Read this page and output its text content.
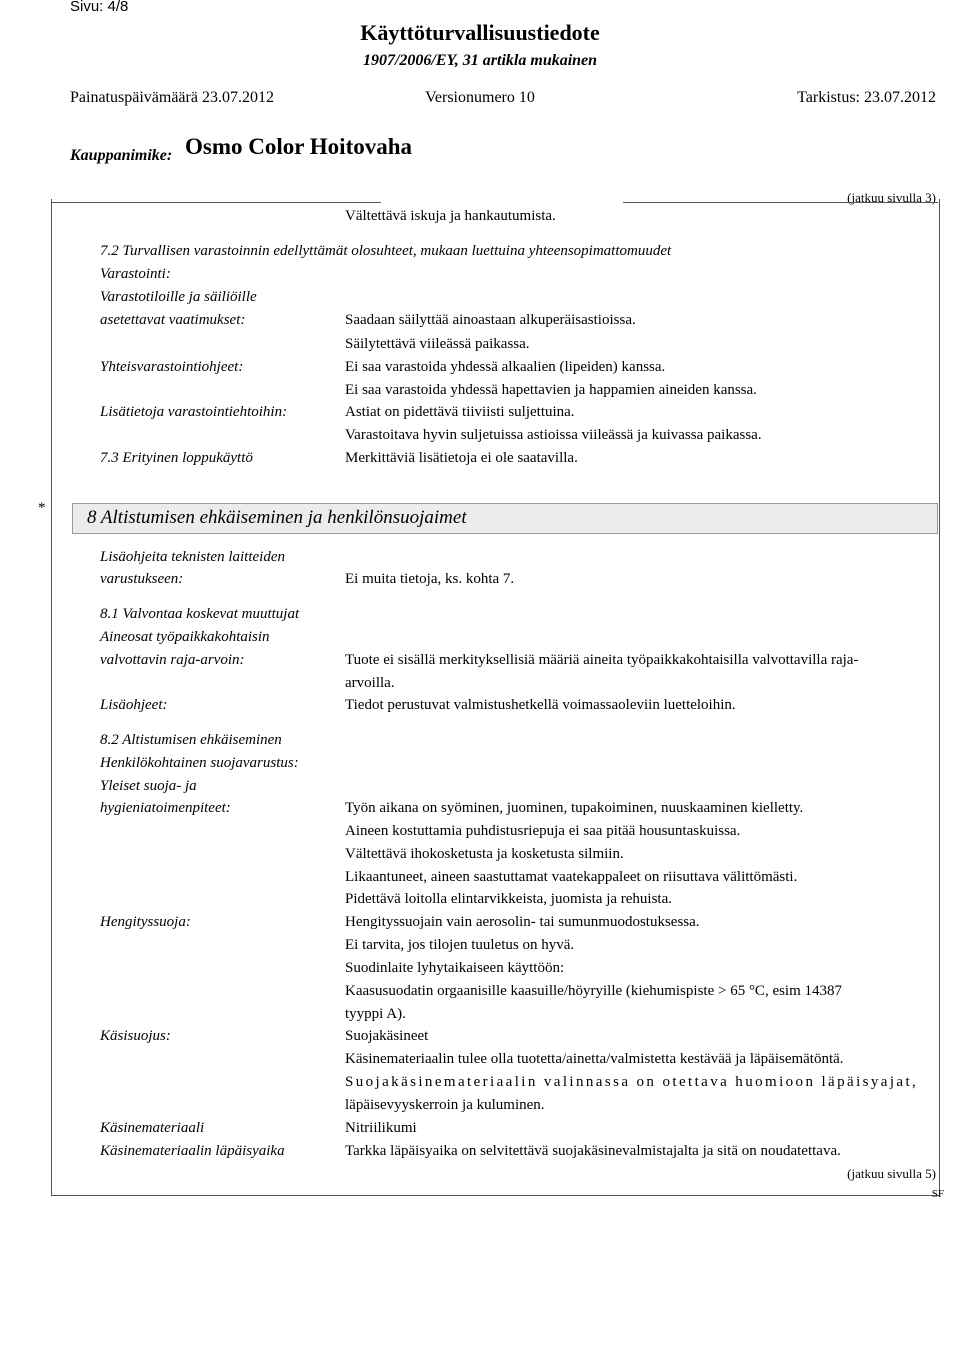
Sivu: 4/8
Käyttöturvallisuustiedote
1907/2006/EY, 31 artikla mukainen
Painatuspäivämäärä 23.07.2012	Versionumero 10	Tarkistus: 23.07.2012
Kauppanimike: Osmo Color Hoitovaha
(jatkuu sivulla 3)
Vältettävä iskuja ja hankautumista.
7.2 Turvallisen varastoinnin edellyttämät olosuhteet, mukaan luettuina yhteensopimattomuudet
Varastointi:
Varastotiloille ja säiliöille
asetettavat vaatimukset:	Saadaan säilyttää ainoastaan alkuperäisastioissa.
Säilytettävä viileässä paikassa.
Yhteisvarastointiohjeet:	Ei saa varastoida yhdessä alkaalien (lipeiden) kanssa.
Ei saa varastoida yhdessä hapettavien ja happamien aineiden kanssa.
Lisätietoja varastointiehtoihin:	Astiat on pidettävä tiiviisti suljettuina.
Varastoitava hyvin suljetuissa astioissa viileässä ja kuivassa paikassa.
7.3 Erityinen loppukäyttö	Merkittäviä lisätietoja ei ole saatavilla.
* 8 Altistumisen ehkäiseminen ja henkilönsuojaimet
Lisäohjeita teknisten laitteiden
varustukseen:	Ei muita tietoja, ks. kohta 7.
8.1 Valvontaa koskevat muuttujat
Aineosat työpaikkakohtaisin
valvottavin raja-arvoin:	Tuote ei sisällä merkityksellisiä määriä aineita työpaikkakohtaisilla valvottavilla raja-
arvoilla.
Lisäohjeet:	Tiedot perustuvat valmistushetkellä voimassaoleviin luetteloihin.
8.2 Altistumisen ehkäiseminen
Henkilökohtainen suojavarustus:
Yleiset suoja- ja
hygieniatoimenpiteet:	Työn aikana on syöminen, juominen, tupakoiminen, nuuskaaminen kielletty.
Aineen kostuttamia puhdistusriepuja ei saa pitää housuntaskuissa.
Vältettävä ihokosketusta ja kosketusta silmiin.
Likaantuneet, aineen saastuttamat vaatekappaleet on riisuttava välittömästi.
Pidettävä loitolla elintarvikkeista, juomista ja rehuista.
Hengityssuoja:	Hengityssuojain vain aerosolin- tai sumunmuodostuksessa.
Ei tarvita, jos tilojen tuuletus on hyvä.
Suodinlaite lyhytaikaiseen käyttöön:
Kaasusuodatin orgaanisille kaasuille/höyryille (kiehumispiste > 65 °C, esim 14387
tyyppi A).
Käsisuojus:	Suojakäsineet
Käsinemateriaalin tulee olla tuotetta/ainetta/valmistetta kestävää ja läpäisemätöntä.
Suojakäsinemateriaalin valinnassa on otettava huomioon läpäisyajat,
läpäisevyyskerroin ja kuluminen.
Käsinemateriaali	Nitriilikumi
Käsinemateriaalin läpäisyaika	Tarkka läpäisyaika on selvitettävä suojakäsinevalmistajalta ja sitä on noudatettava.
(jatkuu sivulla 5)
SF
